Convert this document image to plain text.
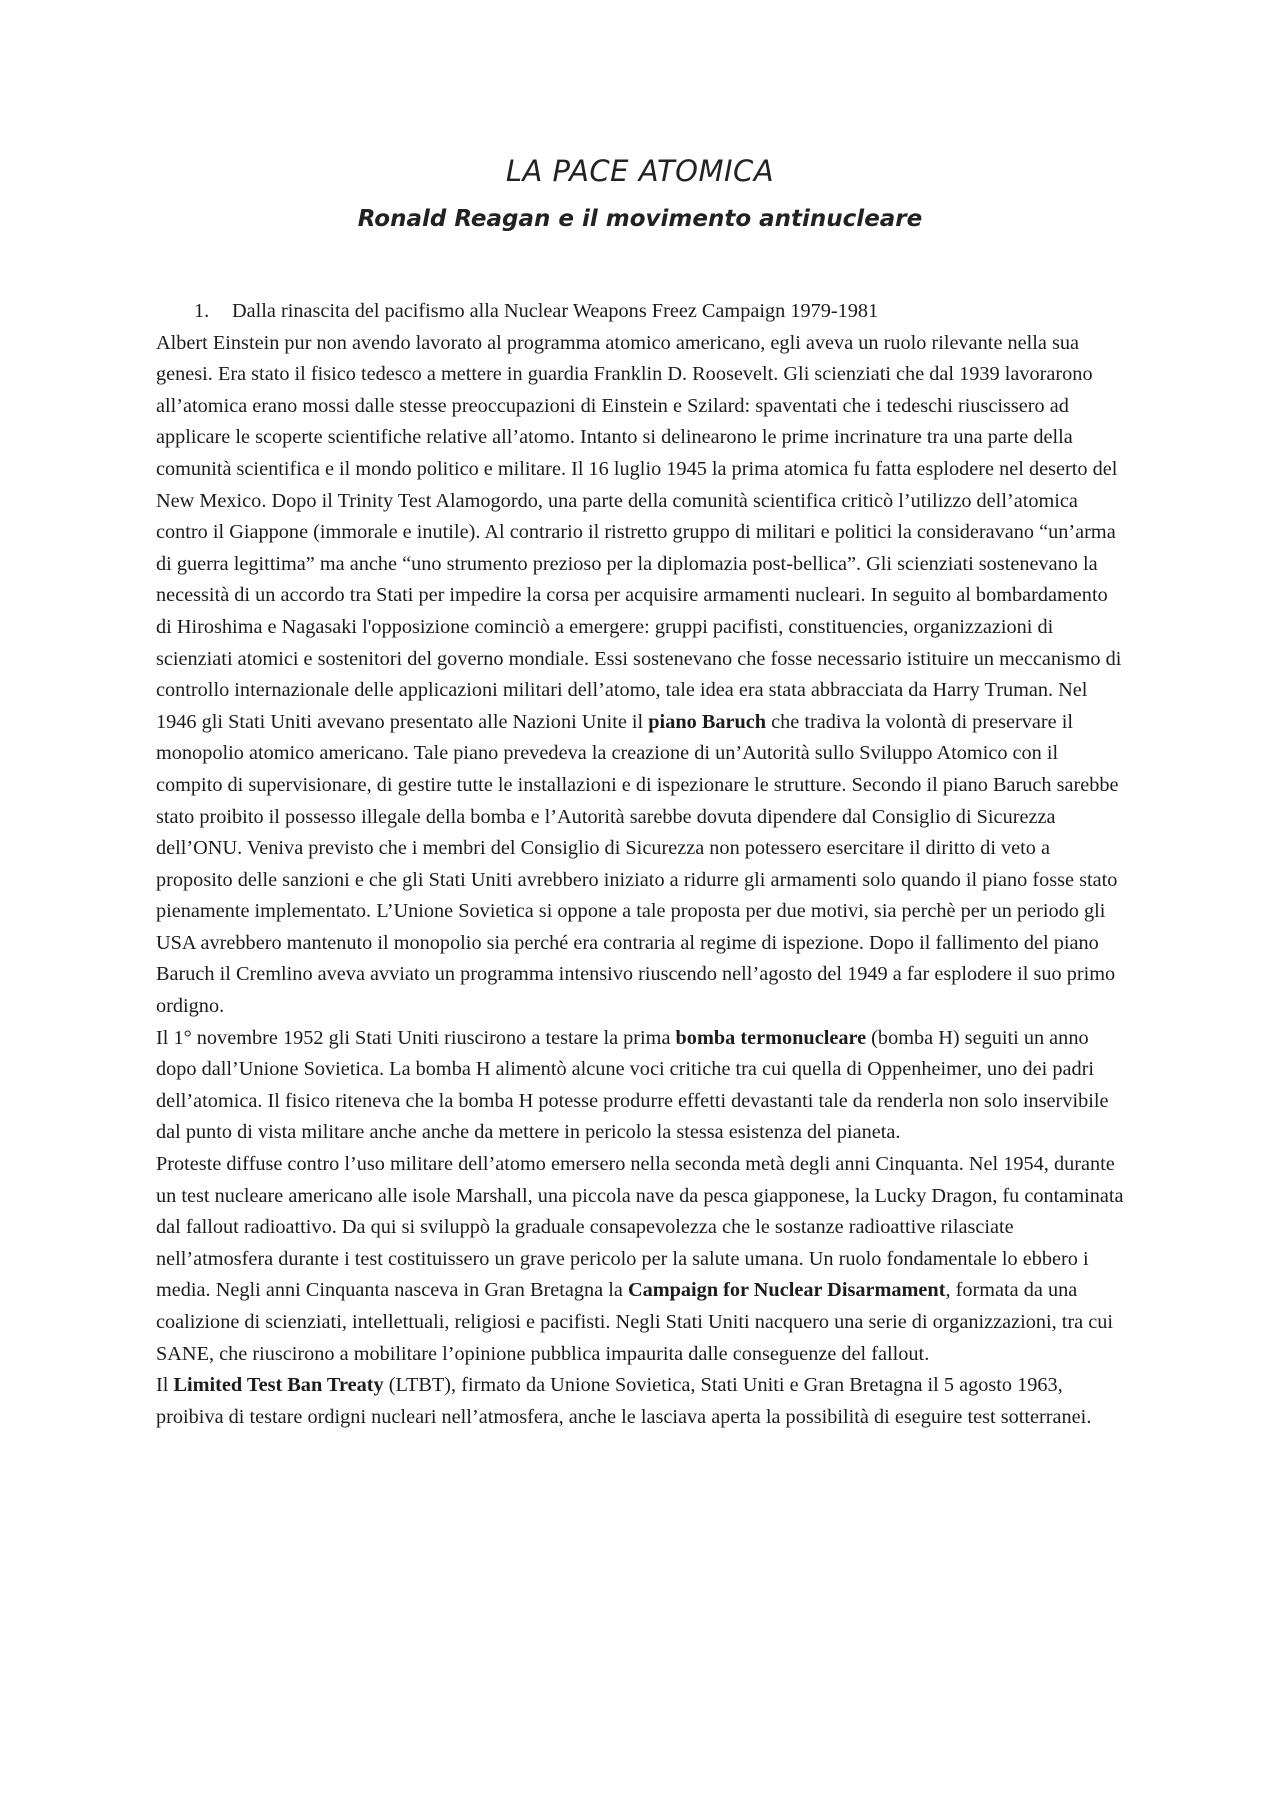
LA PACE ATOMICA
Ronald Reagan e il movimento antinucleare

1. Dalla rinascita del pacifismo alla Nuclear Weapons Freez Campaign 1979-1981

Albert Einstein pur non avendo lavorato al programma atomico americano, egli aveva un ruolo rilevante nella sua genesi. Era stato il fisico tedesco a mettere in guardia Franklin D. Roosevelt. Gli scienziati che dal 1939 lavorarono all’atomica erano mossi dalle stesse preoccupazioni di Einstein e Szilard: spaventati che i tedeschi riuscissero ad applicare le scoperte scientifiche relative all’atomo. Intanto si delinearono le prime incrinature tra una parte della comunità scientifica e il mondo politico e militare. Il 16 luglio 1945 la prima atomica fu fatta esplodere nel deserto del New Mexico. Dopo il Trinity Test Alamogordo, una parte della comunità scientifica criticò l’utilizzo dell’atomica contro il Giappone (immorale e inutile). Al contrario il ristretto gruppo di militari e politici la consideravano “un’arma di guerra legittima” ma anche “uno strumento prezioso per la diplomazia post-bellica”. Gli scienziati sostenevano la necessità di un accordo tra Stati per impedire la corsa per acquisire armamenti nucleari. In seguito al bombardamento di Hiroshima e Nagasaki l'opposizione cominciò a emergere: gruppi pacifisti, constituencies, organizzazioni di scienziati atomici e sostenitori del governo mondiale. Essi sostenevano che fosse necessario istituire un meccanismo di controllo internazionale delle applicazioni militari dell’atomo, tale idea era stata abbracciata da Harry Truman. Nel 1946 gli Stati Uniti avevano presentato alle Nazioni Unite il piano Baruch che tradiva la volontà di preservare il monopolio atomico americano. Tale piano prevedeva la creazione di un’Autorità sullo Sviluppo Atomico con il compito di supervisionare, di gestire tutte le installazioni e di ispezionare le strutture. Secondo il piano Baruch sarebbe stato proibito il possesso illegale della bomba e l’Autorità sarebbe dovuta dipendere dal Consiglio di Sicurezza dell’ONU. Veniva previsto che i membri del Consiglio di Sicurezza non potessero esercitare il diritto di veto a proposito delle sanzioni e che gli Stati Uniti avrebbero iniziato a ridurre gli armamenti solo quando il piano fosse stato pienamente implementato. L’Unione Sovietica si oppone a tale proposta per due motivi, sia perchè per un periodo gli USA avrebbero mantenuto il monopolio sia perché era contraria al regime di ispezione. Dopo il fallimento del piano Baruch il Cremlino aveva avviato un programma intensivo riuscendo nell’agosto del 1949 a far esplodere il suo primo ordigno.

Il 1° novembre 1952 gli Stati Uniti riuscirono a testare la prima bomba termonucleare (bomba H) seguiti un anno dopo dall’Unione Sovietica. La bomba H alimentò alcune voci critiche tra cui quella di Oppenheimer, uno dei padri dell’atomica. Il fisico riteneva che la bomba H potesse produrre effetti devastanti tale da renderla non solo inservibile dal punto di vista militare anche anche da mettere in pericolo la stessa esistenza del pianeta.

Proteste diffuse contro l’uso militare dell’atomo emersero nella seconda metà degli anni Cinquanta. Nel 1954, durante un test nucleare americano alle isole Marshall, una piccola nave da pesca giapponese, la Lucky Dragon, fu contaminata dal fallout radioattivo. Da qui si sviluppò la graduale consapevolezza che le sostanze radioattive rilasciate nell’atmosfera durante i test costituissero un grave pericolo per la salute umana. Un ruolo fondamentale lo ebbero i media. Negli anni Cinquanta nasceva in Gran Bretagna la Campaign for Nuclear Disarmament, formata da una coalizione di scienziati, intellettuali, religiosi e pacifisti. Negli Stati Uniti nacquero una serie di organizzazioni, tra cui SANE, che riuscirono a mobilitare l’opinione pubblica impaurita dalle conseguenze del fallout.

Il Limited Test Ban Treaty (LTBT), firmato da Unione Sovietica, Stati Uniti e Gran Bretagna il 5 agosto 1963, proibiva di testare ordigni nucleari nell’atmosfera, anche le lasciava aperta la possibilità di eseguire test sotterranei.
